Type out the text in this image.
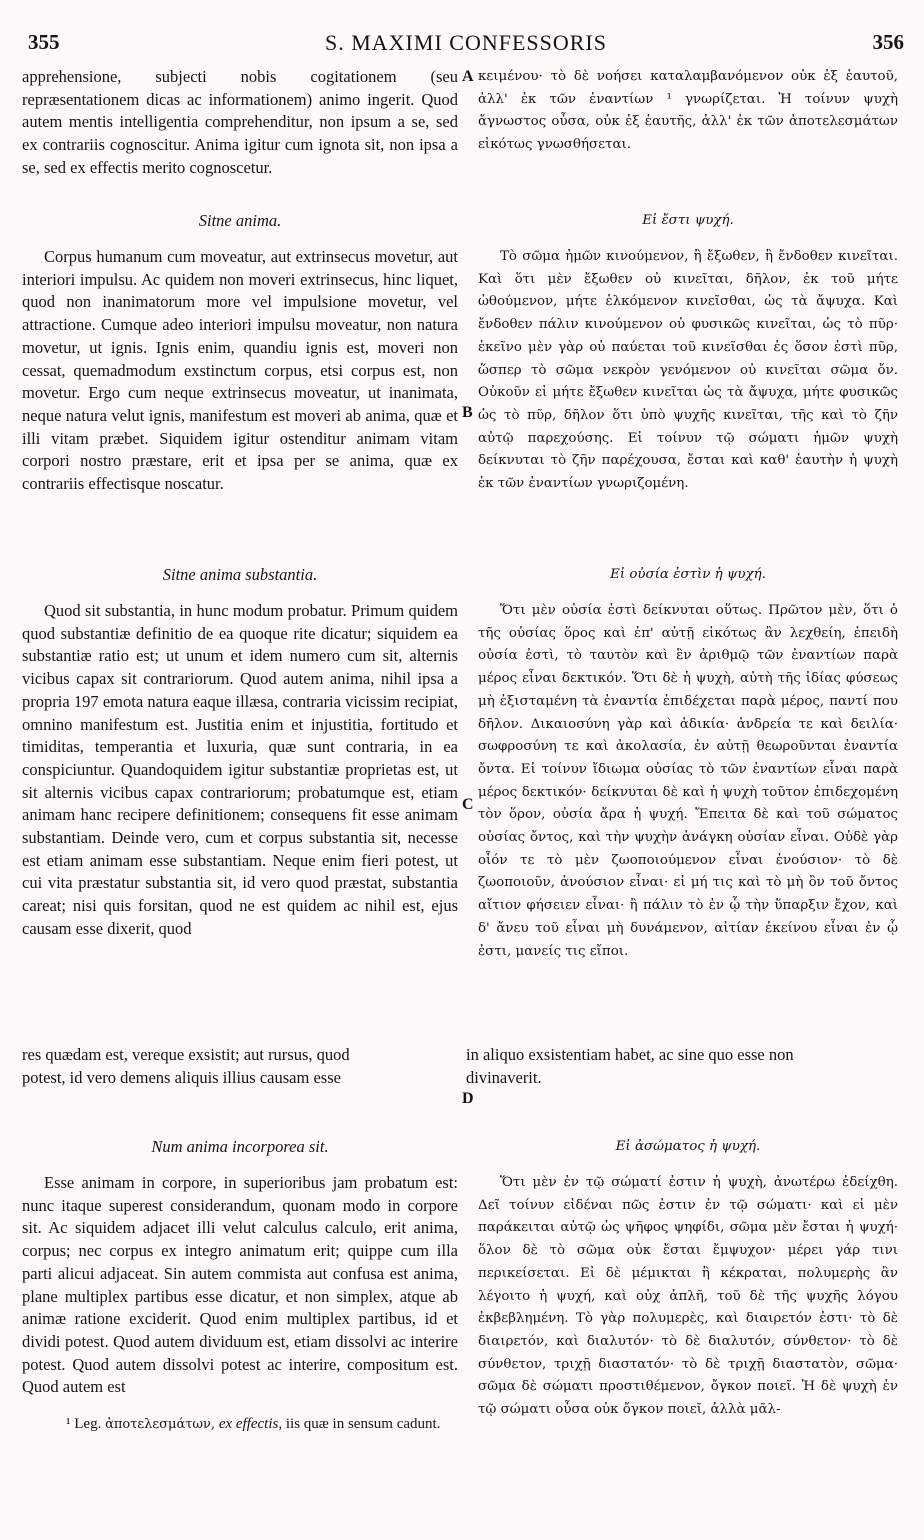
355	S. MAXIMI CONFESSORIS	356

apprehensione, subjecti nobis cogitationem (seu repræsentationem dicas ac informationem) animo ingerit. Quod autem mentis intelligentia comprehenditur, non ipsum a se, sed ex contrariis cognoscitur. Anima igitur cum ignota sit, non ipsa a se, sed ex effectis merito cognoscetur.

Sitne anima.

Corpus humanum cum moveatur, aut extrinsecus movetur, aut interiori impulsu. Ac quidem non moveri extrinsecus, hinc liquet, quod non inanimatorum more vel impulsione movetur, vel attractione. Cumque adeo interiori impulsu moveatur, non natura movetur, ut ignis. Ignis enim, quandiu ignis est, moveri non cessat, quemadmodum exstinctum corpus, etsi corpus est, non movetur. Ergo cum neque extrinsecus moveatur, ut inanimata, neque natura velut ignis, manifestum est moveri ab anima, quæ et illi vitam præbet. Siquidem igitur ostenditur animam vitam corpori nostro præstare, erit et ipsa per se anima, quæ ex contrariis effectisque noscatur.

Sitne anima substantia.

Quod sit substantia, in hunc modum probatur. Primum quidem quod substantiæ definitio de ea quoque rite dicatur; siquidem ea substantiæ ratio est; ut unum et idem numero cum sit, alternis vicibus capax sit contrariorum. Quod autem anima, nihil ipsa a propria 197 emota natura eaque illæsa, contraria vicissim recipiat, omnino manifestum est. Justitia enim et injustitia, fortitudo et timiditas, temperantia et luxuria, quæ sunt contraria, in ea conspiciuntur. Quandoquidem igitur substantiæ proprietas est, ut sit alternis vicibus capax contrariorum; probatumque est, etiam animam hanc recipere definitionem; consequens fit esse animam substantiam. Deinde vero, cum et corpus substantia sit, necesse est etiam animam esse substantiam. Neque enim fieri potest, ut cui vita præstatur substantia sit, id vero quod præstat, substantia careat; nisi quis forsitan, quod ne est quidem ac nihil est, ejus causam esse dixerit, quod

Num anima incorporea sit.

Esse animam in corpore, in superioribus jam probatum est: nunc itaque superest considerandum, quonam modo in corpore sit. Ac siquidem adjacet illi velut calculus calculo, erit anima, corpus; nec corpus ex integro animatum erit; quippe cum illa parti alicui adjaceat. Sin autem commista aut confusa est anima, plane multiplex partibus esse dicatur, et non simplex, atque ab animæ ratione exciderit. Quod enim multiplex partibus, id et dividi potest. Quod autem dividuum est, etiam dissolvi ac interire potest. Quod autem dissolvi potest ac interire, compositum est. Quod autem est

κειμένου· τὸ δὲ νοήσει καταλαμβανόμενον οὐκ ἐξ ἑαυτοῦ, ἀλλ' ἐκ τῶν ἐναντίων ¹ γνωρίζεται. Ἡ τοίνυν ψυχὴ ἄγνωστος οὖσα, οὐκ ἐξ ἑαυτῆς, ἀλλ' ἐκ τῶν ἀποτελεσμάτων εἰκότως γνωσθήσεται.

Εἰ ἔστι ψυχή.

Τὸ σῶμα ἡμῶν κινούμενον, ἢ ἔξωθεν, ἢ ἔνδοθεν κινεῖται. Καὶ ὅτι μὲν ἔξωθεν οὐ κινεῖται, δῆλον, ἐκ τοῦ μήτε ὠθούμενον, μήτε ἑλκόμενον κινεῖσθαι, ὡς τὰ ἄψυχα. Καὶ ἔνδοθεν πάλιν κινούμενον οὐ φυσικῶς κινεῖται, ὡς τὸ πῦρ· ἐκεῖνο μὲν γὰρ οὐ παύεται τοῦ κινεῖσθαι ἐς ὅσον ἐστὶ πῦρ, ὥσπερ τὸ σῶμα νεκρὸν γενόμενον οὐ κινεῖται σῶμα ὄν. Οὐκοῦν εἰ μήτε ἔξωθεν κινεῖται ὡς τὰ ἄψυχα, μήτε φυσικῶς ὡς τὸ πῦρ, δῆλον ὅτι ὑπὸ ψυχῆς κινεῖται, τῆς καὶ τὸ ζῆν αὐτῷ παρεχούσης. Εἰ τοίνυν τῷ σώματι ἡμῶν ψυχὴ δείκνυται τὸ ζῆν παρέχουσα, ἔσται καὶ καθ' ἑαυτὴν ἡ ψυχὴ ἐκ τῶν ἐναντίων γνωριζομένη.

Εἰ οὐσία ἐστὶν ἡ ψυχή.

Ὅτι μὲν οὐσία ἐστὶ δείκνυται οὕτως. Πρῶτον μὲν, ὅτι ὁ τῆς οὐσίας ὅρος καὶ ἐπ' αὐτῇ εἰκότως ἂν λεχθείη, ἐπειδὴ οὐσία ἐστὶ, τὸ ταυτὸν καὶ ἓν ἀριθμῷ τῶν ἐναντίων παρὰ μέρος εἶναι δεκτικόν. Ὅτι δὲ ἡ ψυχὴ, αὐτὴ τῆς ἰδίας φύσεως μὴ ἐξισταμένη τὰ ἐναντία ἐπιδέχεται παρὰ μέρος, παντί που δῆλον. Δικαιοσύνη γὰρ καὶ ἀδικία· ἀνδρεία τε καὶ δειλία· σωφροσύνη τε καὶ ἀκολασία, ἐν αὐτῇ θεωροῦνται ἐναντία ὄντα. Εἰ τοίνυν ἴδιωμα οὐσίας τὸ τῶν ἐναντίων εἶναι παρὰ μέρος δεκτικόν· δείκνυται δὲ καὶ ἡ ψυχὴ τοῦτον ἐπιδεχομένη τὸν ὅρον, οὐσία ἄρα ἡ ψυχή. Ἔπειτα δὲ καὶ τοῦ σώματος οὐσίας ὄντος, καὶ τὴν ψυχὴν ἀνάγκη οὐσίαν εἶναι. Οὐδὲ γὰρ οἷόν τε τὸ μὲν ζωοποιούμενον εἶναι ἐνούσιον· τὸ δὲ ζωοποιοῦν, ἀνούσιον εἶναι· εἰ μή τις καὶ τὸ μὴ ὂν τοῦ ὄντος αἴτιον φήσειεν εἶναι· ἢ πάλιν τὸ ἐν ᾧ τὴν ὕπαρξιν ἔχον, καὶ δ' ἄνευ τοῦ εἶναι μὴ δυνάμενον, αἰτίαν ἐκείνου εἶναι ἐν ᾧ ἐστι, μανείς τις εἴποι.

Εἰ ἀσώματος ἡ ψυχή.

Ὅτι μὲν ἐν τῷ σώματί ἐστιν ἡ ψυχὴ, ἀνωτέρω ἐδείχθη. Δεῖ τοίνυν εἰδέναι πῶς ἐστιν ἐν τῷ σώματι· καὶ εἰ μὲν παράκειται αὐτῷ ὡς ψῆφος ψηφίδι, σῶμα μὲν ἔσται ἡ ψυχή· ὅλον δὲ τὸ σῶμα οὐκ ἔσται ἔμψυχον· μέρει γάρ τινι περικείσεται. Εἰ δὲ μέμικται ἢ κέκραται, πολυμερὴς ἂν λέγοιτο ἡ ψυχή, καὶ οὐχ ἁπλῆ, τοῦ δὲ τῆς ψυχῆς λόγου ἐκβεβλημένη. Τὸ γὰρ πολυμερὲς, καὶ διαιρετόν ἐστι· τὸ δὲ διαιρετόν, καὶ διαλυτόν· τὸ δὲ διαλυτόν, σύνθετον· τὸ δὲ σύνθετον, τριχῇ διαστατόν· τὸ δὲ τριχῇ διαστατὸν, σῶμα· σῶμα δὲ σώματι προστιθέμενον, ὄγκον ποιεῖ. Ἡ δὲ ψυχὴ ἐν τῷ σώματι οὖσα οὐκ ὄγκον ποιεῖ, ἀλλὰ μᾶλ-

res quædam est, vereque exsistit; aut rursus, quod	in aliquo exsistentiam habet, ac sine quo esse non
potest, id vero demens aliquis illius causam esse	divinaverit.
A
B
C
D
¹ Leg. ἀποτελεσμάτων, ex effectis, iis quæ in sensum cadunt.
